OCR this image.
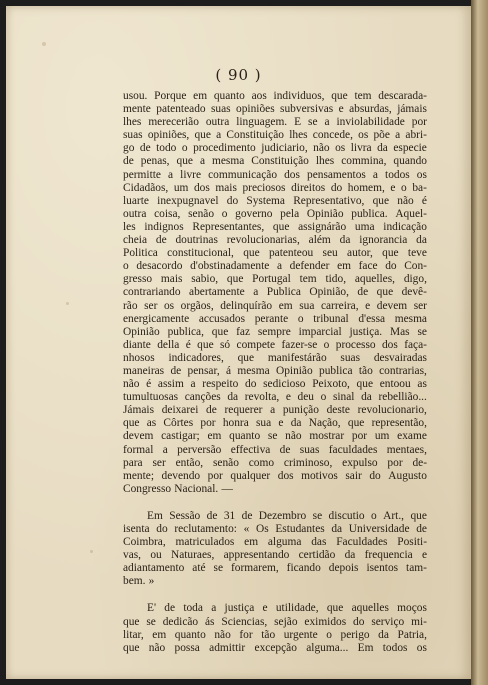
( 90 )
usou. Porque em quanto aos individuos, que tem descarada-
mente patenteado suas opiniões subversivas e absurdas, jámais
lhes merecerião outra linguagem. E se a inviolabilidade por
suas opiniões, que a Constituição lhes concede, os põe a abri-
go de todo o procedimento judiciario, não os livra da especie
de penas, que a mesma Constituição lhes commina, quando
permitte a livre communicação dos pensamentos a todos os
Cidadãos, um dos mais preciosos direitos do homem, e o ba-
luarte inexpugnavel do Systema Representativo, que não é
outra coisa, senão o governo pela Opinião publica. Aquel-
les indignos Representantes, que assignárão uma indicação
cheia de doutrinas revolucionarias, além da ignorancia da
Politica constitucional, que patenteou seu autor, que teve
o desacordo d'obstinadamente a defender em face do Con-
gresso mais sabio, que Portugal tem tido, aquelles, digo,
contrariando abertamente a Publica Opinião, de que devê-
rão ser os orgãos, delinquírão em sua carreira, e devem ser
energicamente accusados perante o tribunal d'essa mesma
Opinião publica, que faz sempre imparcial justiça. Mas se
diante della é que só compete fazer-se o processo dos faça-
nhosos indicadores, que manifestárão suas desvairadas
maneiras de pensar, á mesma Opinião publica tão contrarias,
não é assim a respeito do sedicioso Peixoto, que entoou as
tumultuosas canções da revolta, e deu o sinal da rebellião...
Jámais deixarei de requerer a punição deste revolucionario,
que as Côrtes por honra sua e da Nação, que representão,
devem castigar; em quanto se não mostrar por um exame
formal a perversão effectiva de suas faculdades mentaes,
para ser então, senão como criminoso, expulso por de-
mente; devendo por qualquer dos motivos sair do Augusto
Congresso Nacional. —
Em Sessão de 31 de Dezembro se discutio o Art., que
isenta do reclutamento: « Os Estudantes da Universidade de
Coimbra, matriculados em alguma das Faculdades Positi-
vas, ou Naturaes, appresentando certidão da frequencia e
adiantamento até se formarem, ficando depois isentos tam-
bem. »
E' de toda a justiça e utilidade, que aquelles moços
que se dedicão ás Sciencias, sejão eximidos do serviço mi-
litar, em quanto não for tão urgente o perigo da Patria,
que não possa admittir excepção alguma... Em todos os
